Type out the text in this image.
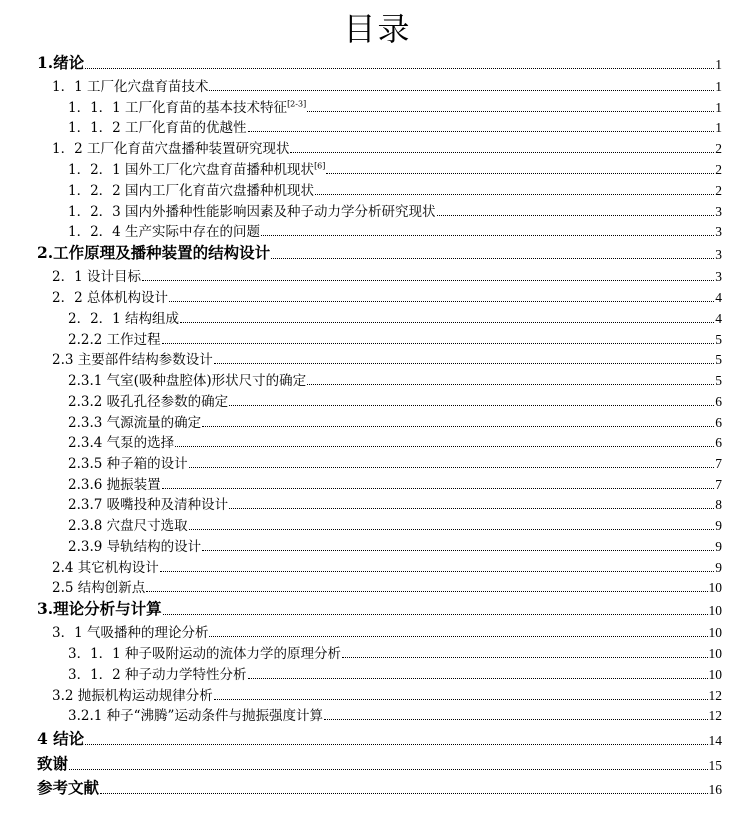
目录
1.绪论	1
1．1 工厂化穴盘育苗技术	1
1．1．1 工厂化育苗的基本技术特征[2-3]	1
1．1．2 工厂化育苗的优越性	1
1．2 工厂化育苗穴盘播种装置研究现状	2
1．2．1 国外工厂化穴盘育苗播种机现状[6]	2
1．2．2 国内工厂化育苗穴盘播种机现状	2
1．2．3 国内外播种性能影响因素及种子动力学分析研究现状	3
1．2．4 生产实际中存在的问题	3
2.工作原理及播种装置的结构设计	3
2．1 设计目标	3
2．2 总体机构设计	4
2．2．1 结构组成	4
2.2.2 工作过程	5
2.3 主要部件结构参数设计	5
2.3.1 气室(吸种盘腔体)形状尺寸的确定	5
2.3.2 吸孔孔径参数的确定	6
2.3.3 气源流量的确定	6
2.3.4 气泵的选择	6
2.3.5 种子箱的设计	7
2.3.6 抛振装置	7
2.3.7 吸嘴投种及清种设计	8
2.3.8 穴盘尺寸选取	9
2.3.9 导轨结构的设计	9
2.4 其它机构设计	9
2.5 结构创新点	10
3.理论分析与计算	10
3．1 气吸播种的理论分析	10
3．1．1 种子吸附运动的流体力学的原理分析	10
3．1．2 种子动力学特性分析	10
3.2 抛振机构运动规律分析	12
3.2.1 种子“沸腾”运动条件与抛振强度计算	12
4 结论	14
致谢	15
参考文献	16
